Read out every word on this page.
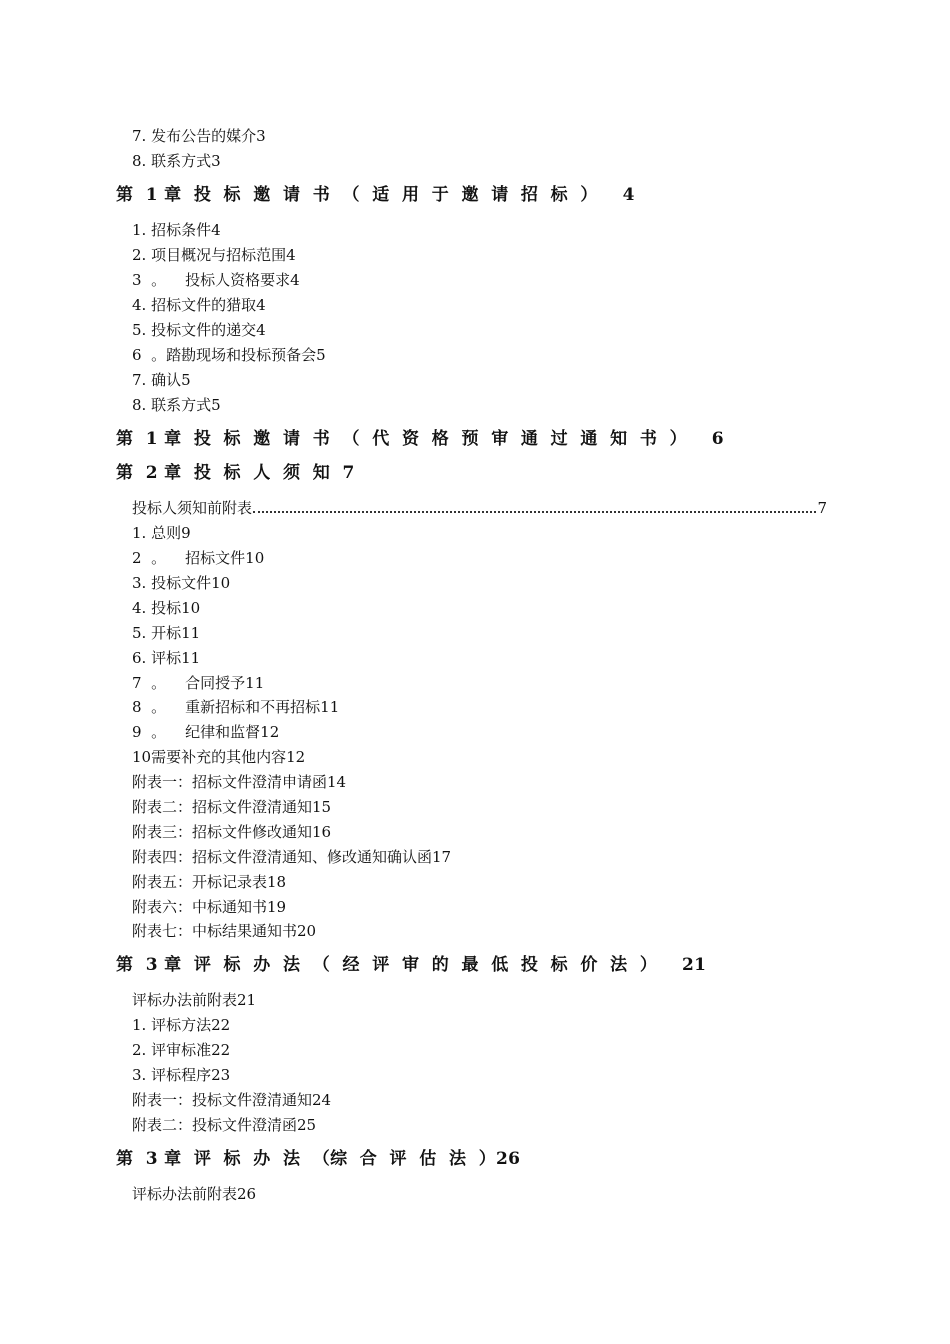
7. 发布公告的媒介3
8. 联系方式3
第  1 章  投  标  邀  请  书  （  适  用  于  邀  请  招  标  ）    4
1. 招标条件4
2. 项目概况与招标范围4
3  。    投标人资格要求4
4. 招标文件的猎取4
5. 投标文件的递交4
6  。踏勘现场和投标预备会5
7. 确认5
8. 联系方式5
第  1 章  投  标  邀  请  书  （  代  资  格  预  审  通  过  通  知  书  ）    6
第  2 章  投  标  人  须  知  7
投标人须知前附表	7
1. 总则9
2  。    招标文件10
3. 投标文件10
4. 投标10
5. 开标11
6. 评标11
7  。    合同授予11
8  。    重新招标和不再招标11
9  。    纪律和监督12
10需要补充的其他内容12
附表一：招标文件澄清申请函14
附表二：招标文件澄清通知15
附表三：招标文件修改通知16
附表四：招标文件澄清通知、修改通知确认函17
附表五：开标记录表18
附表六：中标通知书19
附表七：中标结果通知书20
第  3 章  评  标  办  法  （  经  评  审  的  最  低  投  标  价  法  ）    21
评标办法前附表21
1. 评标方法22
2. 评审标准22
3. 评标程序23
附表一：投标文件澄清通知24
附表二：投标文件澄清函25
第  3 章  评  标  办  法  （综  合  评  估  法  ）26
评标办法前附表26
